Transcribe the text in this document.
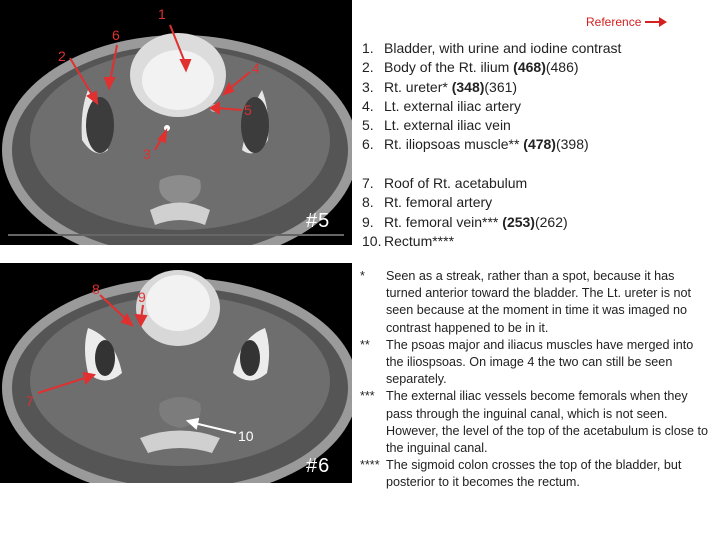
1
2
3
4
5
6
#5
8	9
7
10
#6
Reference
1. Bladder, with urine and iodine contrast
2. Body of the Rt. ilium (468)(486)
3. Rt. ureter* (348)(361)
4. Lt. external iliac artery
5. Lt. external iliac vein
6. Rt. iliopsoas muscle** (478)(398)
7. Roof of Rt. acetabulum
8. Rt. femoral artery
9. Rt. femoral vein*** (253)(262)
10. Rectum****
*	Seen as a streak, rather than a spot, because it has turned anterior toward the bladder. The Lt. ureter is not seen because at the moment in time it was imaged no contrast happened to be in it.
**	The psoas major and iliacus muscles have merged into the iliospsoas. On image 4 the two can still be seen separately.
*** The external iliac vessels become femorals when they pass through the inguinal canal, which is not seen. However, the level of the top of the acetabulum is close to the inguinal canal.
**** The sigmoid colon crosses the top of the bladder, but posterior to it becomes the rectum.
